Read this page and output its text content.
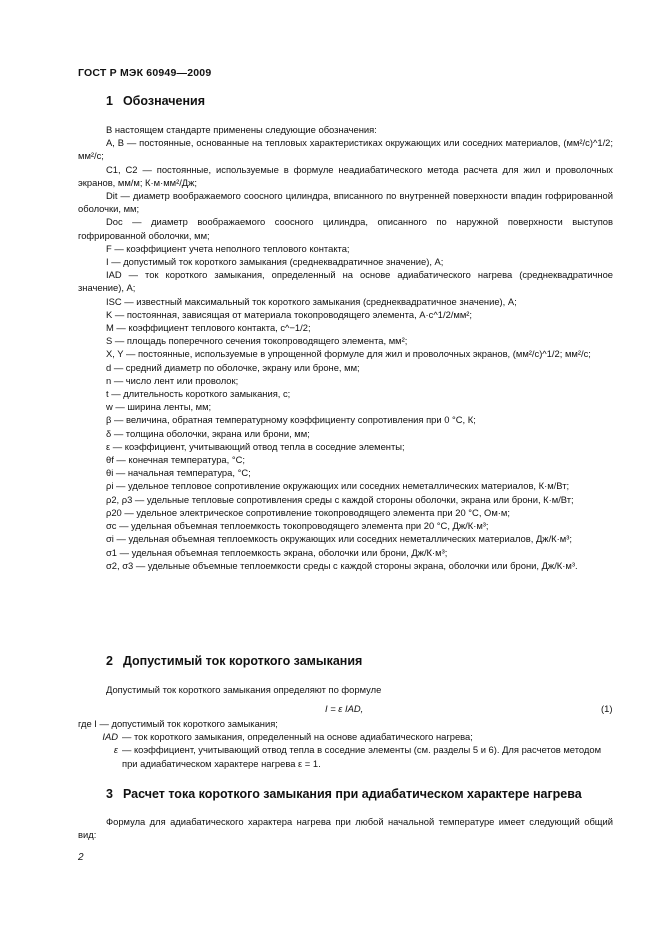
ГОСТ Р МЭК 60949—2009
1 Обозначения

В настоящем стандарте применены следующие обозначения:

A, B — постоянные, основанные на тепловых характеристиках окружающих или соседних материалов, (мм²/с)^1/2; мм²/с;

C1, C2 — постоянные, используемые в формуле неадиабатического метода расчета для жил и проволочных экранов, мм/м; К·м·мм²/Дж;

Dit — диаметр воображаемого соосного цилиндра, вписанного по внутренней поверхности впадин гофрированной оболочки, мм;

Doc — диаметр воображаемого соосного цилиндра, описанного по наружной поверхности выступов гофрированной оболочки, мм;

F — коэффициент учета неполного теплового контакта;

I — допустимый ток короткого замыкания (среднеквадратичное значение), А;

IAD — ток короткого замыкания, определенный на основе адиабатического нагрева (среднеквадратичное значение), А;

ISC — известный максимальный ток короткого замыкания (среднеквадратичное значение), А;

K — постоянная, зависящая от материала токопроводящего элемента, А·с^1/2/мм²;

M — коэффициент теплового контакта, с^−1/2;

S — площадь поперечного сечения токопроводящего элемента, мм²;

X, Y — постоянные, используемые в упрощенной формуле для жил и проволочных экранов, (мм²/с)^1/2; мм²/с;

d — средний диаметр по оболочке, экрану или броне, мм;

n — число лент или проволок;

t — длительность короткого замыкания, с;

w — ширина ленты, мм;

β — величина, обратная температурному коэффициенту сопротивления при 0 °C, К;

δ — толщина оболочки, экрана или брони, мм;

ε — коэффициент, учитывающий отвод тепла в соседние элементы;

θf — конечная температура, °C;

θi — начальная температура, °C;

ρi — удельное тепловое сопротивление окружающих или соседних неметаллических материалов, К·м/Вт;

ρ2, ρ3 — удельные тепловые сопротивления среды с каждой стороны оболочки, экрана или брони, К·м/Вт;

ρ20 — удельное электрическое сопротивление токопроводящего элемента при 20 °C, Ом·м;

σc — удельная объемная теплоемкость токопроводящего элемента при 20 °C, Дж/К·м³;

σi — удельная объемная теплоемкость окружающих или соседних неметаллических материалов, Дж/К·м³;

σ1 — удельная объемная теплоемкость экрана, оболочки или брони, Дж/К·м³;

σ2, σ3 — удельные объемные теплоемкости среды с каждой стороны экрана, оболочки или брони, Дж/К·м³.

2 Допустимый ток короткого замыкания

Допустимый ток короткого замыкания определяют по формуле

I = ε IAD,	(1)
где I — допустимый ток короткого замыкания;
IAD — ток короткого замыкания, определенный на основе адиабатического нагрева;
ε — коэффициент, учитывающий отвод тепла в соседние элементы (см. разделы 5 и 6). Для расчетов методом при адиабатическом характере нагрева ε = 1.
3 Расчет тока короткого замыкания при адиабатическом характере нагрева

Формула для адиабатического характера нагрева при любой начальной температуре имеет следующий общий вид:

2
